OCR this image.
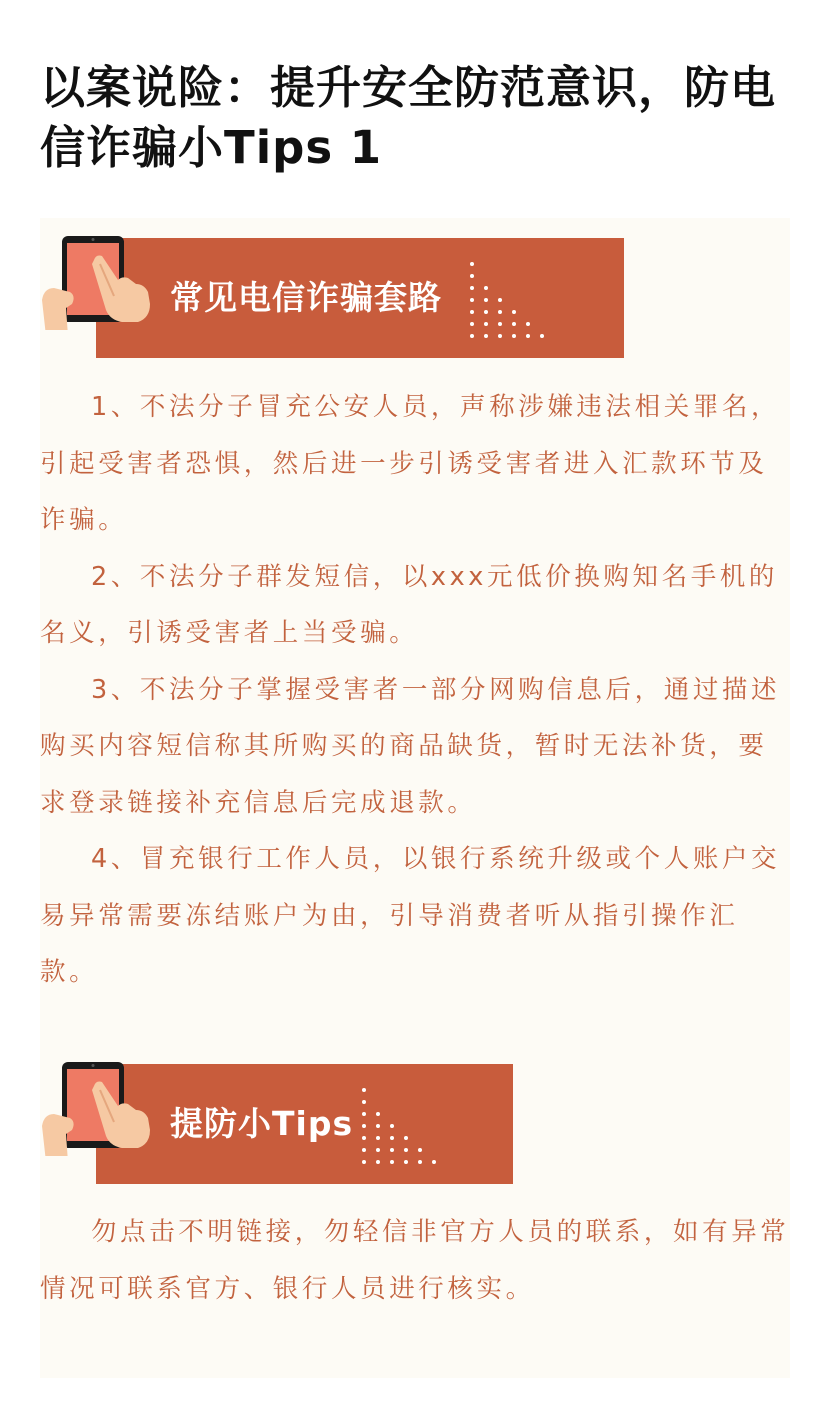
以案说险：提升安全防范意识，防电信诈骗小Tips 1
常见电信诈骗套路

1、不法分子冒充公安人员，声称涉嫌违法相关罪名，引起受害者恐惧，然后进一步引诱受害者进入汇款环节及诈骗。

2、不法分子群发短信，以xxx元低价换购知名手机的名义，引诱受害者上当受骗。

3、不法分子掌握受害者一部分网购信息后，通过描述购买内容短信称其所购买的商品缺货，暂时无法补货，要求登录链接补充信息后完成退款。

4、冒充银行工作人员，以银行系统升级或个人账户交易异常需要冻结账户为由，引导消费者听从指引操作汇款。

提防小Tips

勿点击不明链接，勿轻信非官方人员的联系，如有异常情况可联系官方、银行人员进行核实。
